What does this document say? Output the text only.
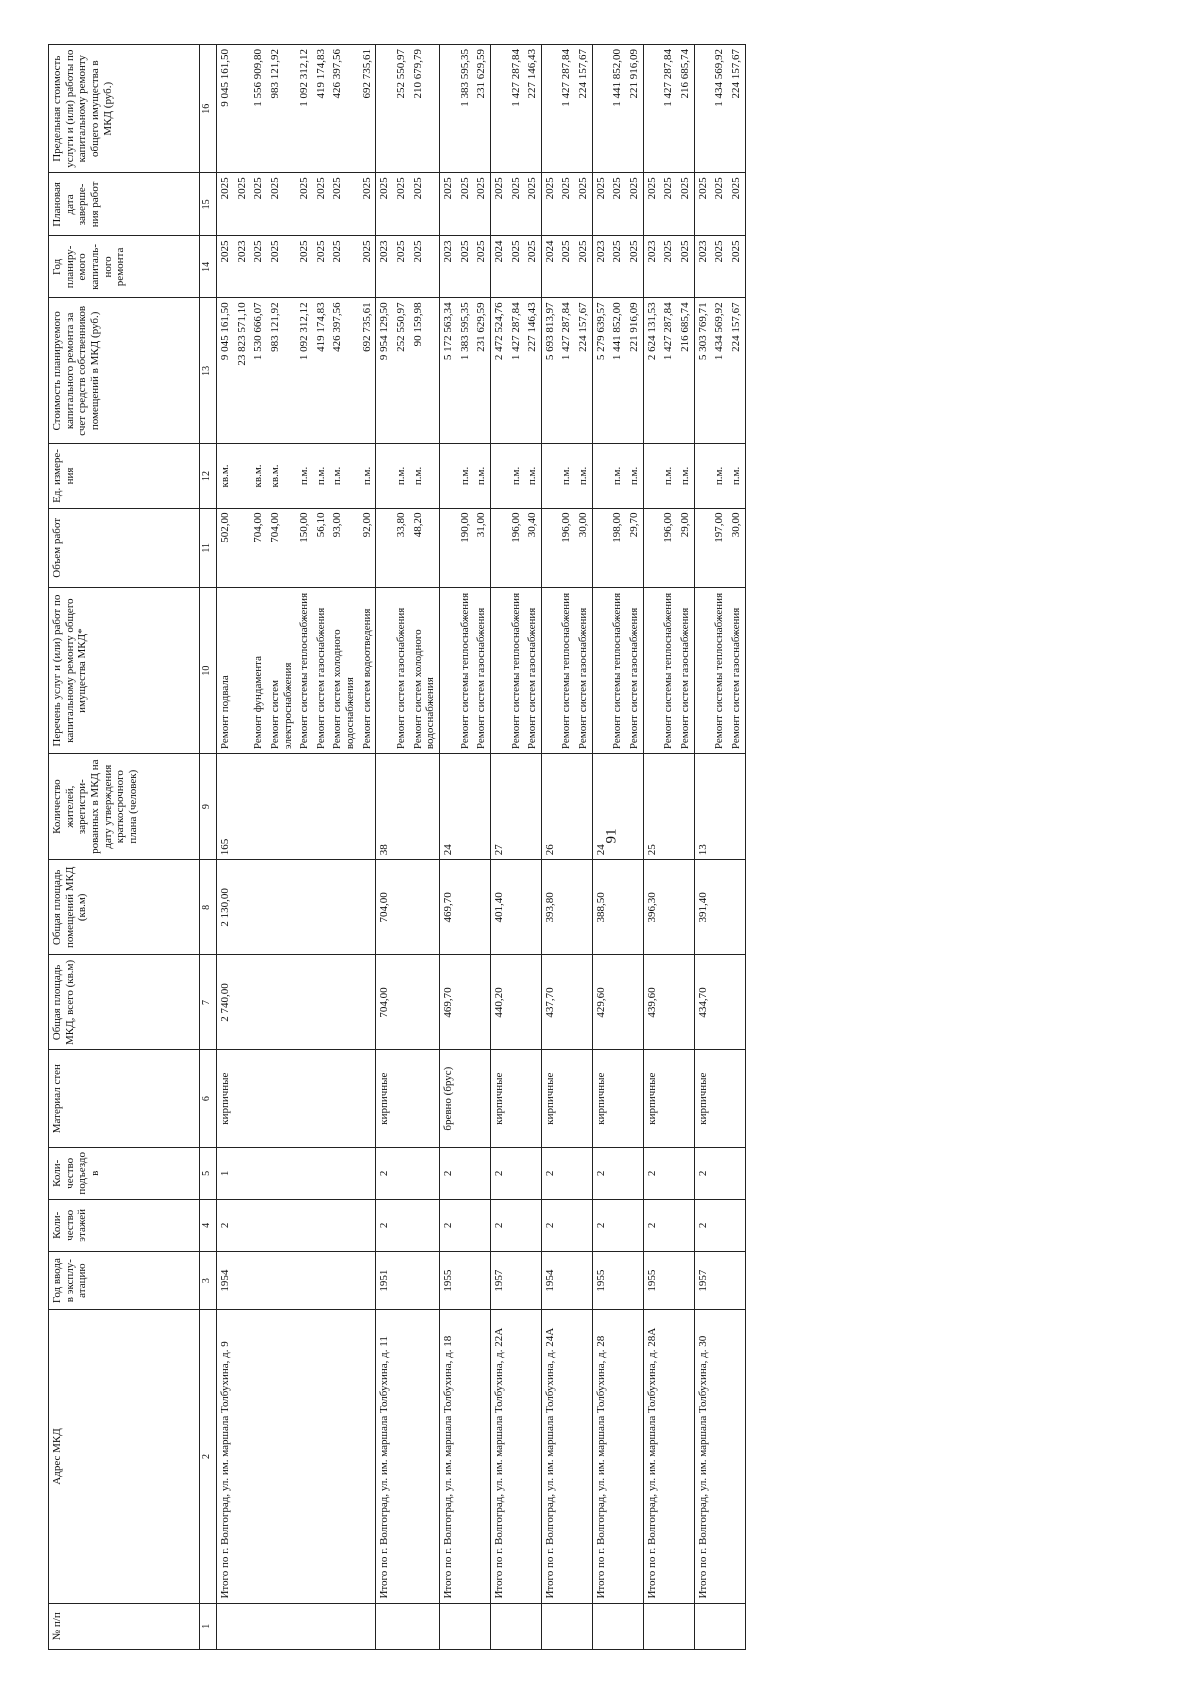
91
№ п/п	Адрес МКД	Год ввода в эксплу-атацию	Коли-чество этажей	Коли-чество подъездо в	Материал стен	Общая площадь МКД, всего (кв.м)	Общая площадь помещений МКД (кв.м)	Количество жителей, зарегистри-рованных в МКД на дату утверждения краткосрочного плана (человек)	Перечень услуг и (или) работ по капитальному ремонту общего имущества МКД*	Объем работ	Ед. измере-ния	Стоимость планируемого капитального ремонта за счет средств собственников помещений в МКД (руб.)	Год планиру-емого капиталь-ного ремонта	Плановая дата заверше-ния работ	Предельная стоимость услуги и (или) работы по капитальному ремонту общего имущества в МКД (руб.)
1	2	3	4	5	6	7	8	9	10	11	12	13	14	15	16
	Итого по г. Волгоград, ул. им. маршала Толбухина, д. 9	1954	2	1	кирпичные	2 740,00	2 130,00	165	Ремонт подвала	502,00	кв.м.	9 045 161,50	2025	2025	9 045 161,50
												23 823 571,10	2023	2025	
									Ремонт фундамента	704,00	кв.м.	1 530 666,07	2025	2025	1 556 909,80
									Ремонт систем электроснабжения	704,00	кв.м.	983 121,92	2025	2025	983 121,92
									Ремонт системы теплоснабжения	150,00	п.м.	1 092 312,12	2025	2025	1 092 312,12
									Ремонт систем газоснабжения	56,10	п.м.	419 174,83	2025	2025	419 174,83
									Ремонт систем холодного водоснабжения	93,00	п.м.	426 397,56	2025	2025	426 397,56
									Ремонт систем водоотведения	92,00	п.м.	692 735,61	2025	2025	692 735,61
	Итого по г. Волгоград, ул. им. маршала Толбухина, д. 11	1951	2	2	кирпичные	704,00	704,00	38				9 954 129,50	2023	2025	
									Ремонт систем газоснабжения	33,80	п.м.	252 550,97	2025	2025	252 550,97
									Ремонт систем холодного водоснабжения	48,20	п.м.	90 159,98	2025	2025	210 679,79
	Итого по г. Волгоград, ул. им. маршала Толбухина, д. 18	1955	2	2	бревно (брус)	469,70	469,70	24				5 172 563,34	2023	2025	
									Ремонт системы теплоснабжения	190,00	п.м.	1 383 595,35	2025	2025	1 383 595,35
									Ремонт систем газоснабжения	31,00	п.м.	231 629,59	2025	2025	231 629,59
	Итого по г. Волгоград, ул. им. маршала Толбухина, д. 22А	1957	2	2	кирпичные	440,20	401,40	27				2 472 524,76	2024	2025	
									Ремонт системы теплоснабжения	196,00	п.м.	1 427 287,84	2025	2025	1 427 287,84
									Ремонт систем газоснабжения	30,40	п.м.	227 146,43	2025	2025	227 146,43
	Итого по г. Волгоград, ул. им. маршала Толбухина, д. 24А	1954	2	2	кирпичные	437,70	393,80	26				5 693 813,97	2024	2025	
									Ремонт системы теплоснабжения	196,00	п.м.	1 427 287,84	2025	2025	1 427 287,84
									Ремонт систем газоснабжения	30,00	п.м.	224 157,67	2025	2025	224 157,67
	Итого по г. Волгоград, ул. им. маршала Толбухина, д. 28	1955	2	2	кирпичные	429,60	388,50	24				5 279 639,57	2023	2025	
									Ремонт системы теплоснабжения	198,00	п.м.	1 441 852,00	2025	2025	1 441 852,00
									Ремонт систем газоснабжения	29,70	п.м.	221 916,09	2025	2025	221 916,09
	Итого по г. Волгоград, ул. им. маршала Толбухина, д. 28А	1955	2	2	кирпичные	439,60	396,30	25				2 624 131,53	2023	2025	
									Ремонт системы теплоснабжения	196,00	п.м.	1 427 287,84	2025	2025	1 427 287,84
									Ремонт систем газоснабжения	29,00	п.м.	216 685,74	2025	2025	216 685,74
	Итого по г. Волгоград, ул. им. маршала Толбухина, д. 30	1957	2	2	кирпичные	434,70	391,40	13				5 303 769,71	2023	2025	
									Ремонт системы теплоснабжения	197,00	п.м.	1 434 569,92	2025	2025	1 434 569,92
									Ремонт систем газоснабжения	30,00	п.м.	224 157,67	2025	2025	224 157,67
